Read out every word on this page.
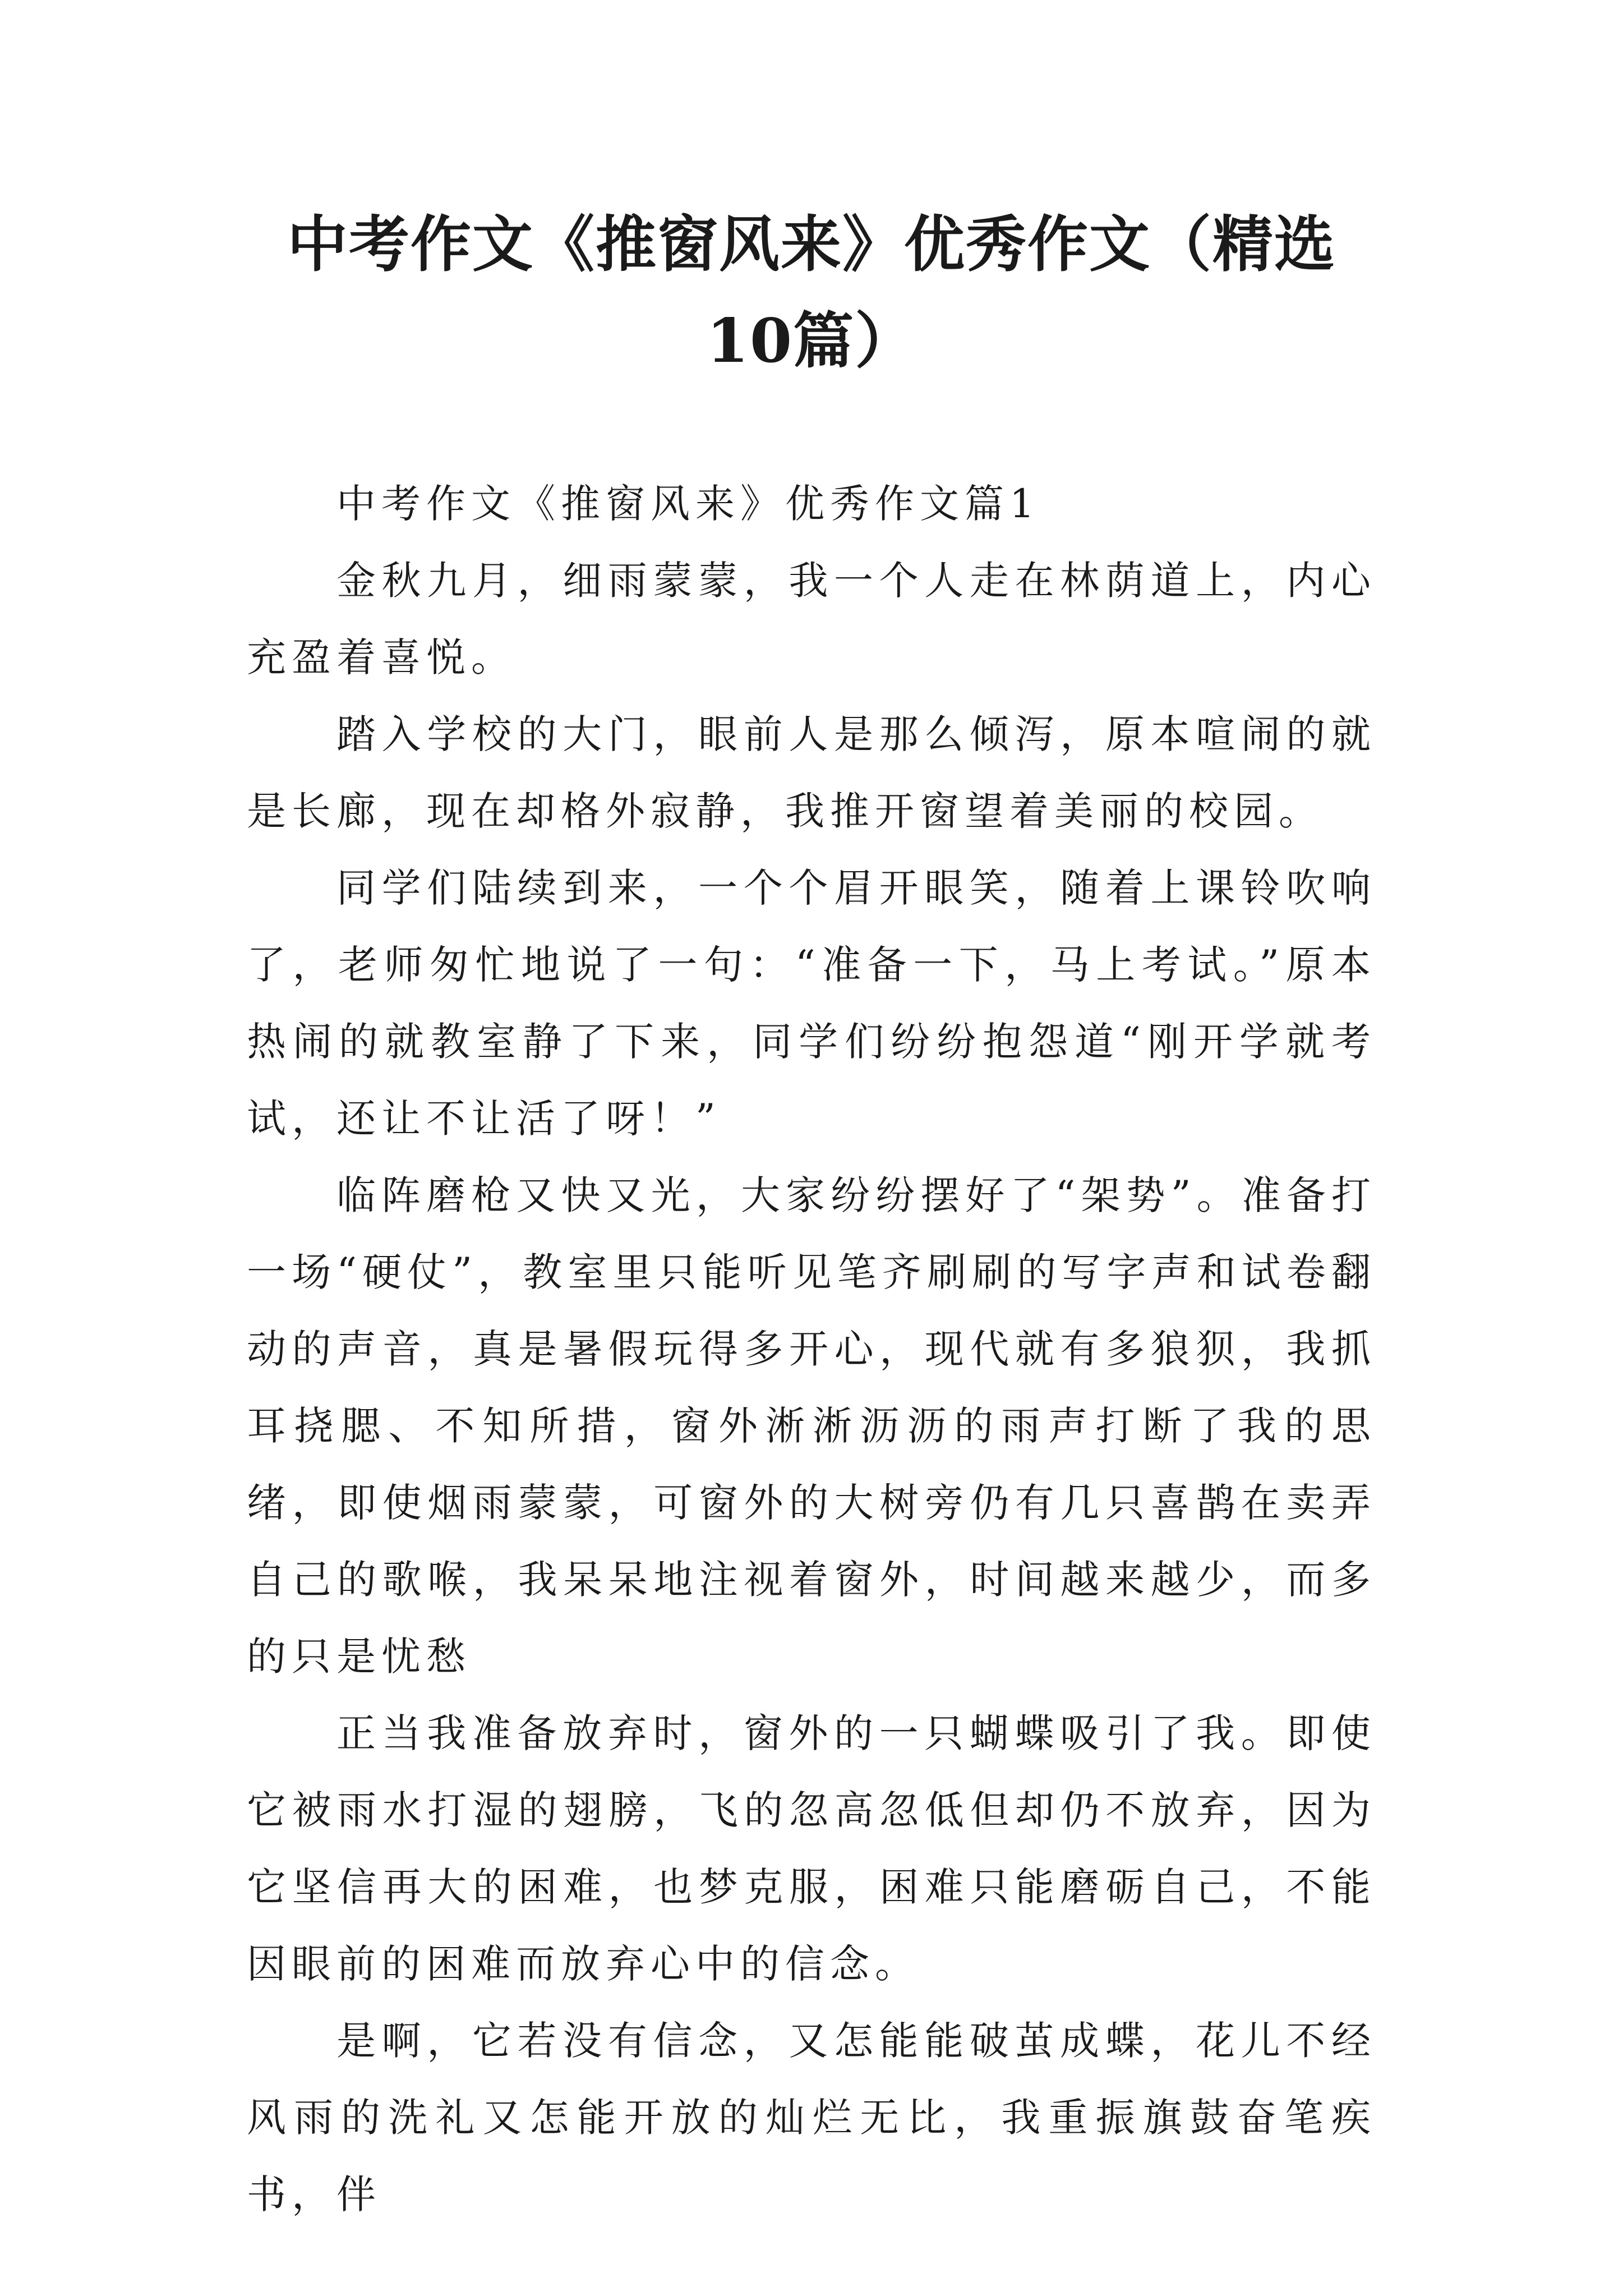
中考作文《推窗风来》优秀作文（精选10篇）

中考作文《推窗风来》优秀作文篇1

金秋九月，细雨蒙蒙，我一个人走在林荫道上，内心充盈着喜悦。

踏入学校的大门，眼前人是那么倾泻，原本喧闹的就是长廊，现在却格外寂静，我推开窗望着美丽的校园。

同学们陆续到来，一个个眉开眼笑，随着上课铃吹响了，老师匆忙地说了一句：“准备一下，马上考试。”原本热闹的就教室静了下来，同学们纷纷抱怨道“刚开学就考试，还让不让活了呀！”

临阵磨枪又快又光，大家纷纷摆好了“架势”。准备打一场“硬仗”，教室里只能听见笔齐刷刷的写字声和试卷翻动的声音，真是暑假玩得多开心，现代就有多狼狈，我抓耳挠腮、不知所措，窗外淅淅沥沥的雨声打断了我的思绪，即使烟雨蒙蒙，可窗外的大树旁仍有几只喜鹊在卖弄自己的歌喉，我呆呆地注视着窗外，时间越来越少，而多的只是忧愁

正当我准备放弃时，窗外的一只蝴蝶吸引了我。即使它被雨水打湿的翅膀，飞的忽高忽低但却仍不放弃，因为它坚信再大的困难，也梦克服，困难只能磨砺自己，不能因眼前的困难而放弃心中的信念。

是啊，它若没有信念，又怎能能破茧成蝶，花儿不经风雨的洗礼又怎能开放的灿烂无比，我重振旗鼓奋笔疾书，伴
